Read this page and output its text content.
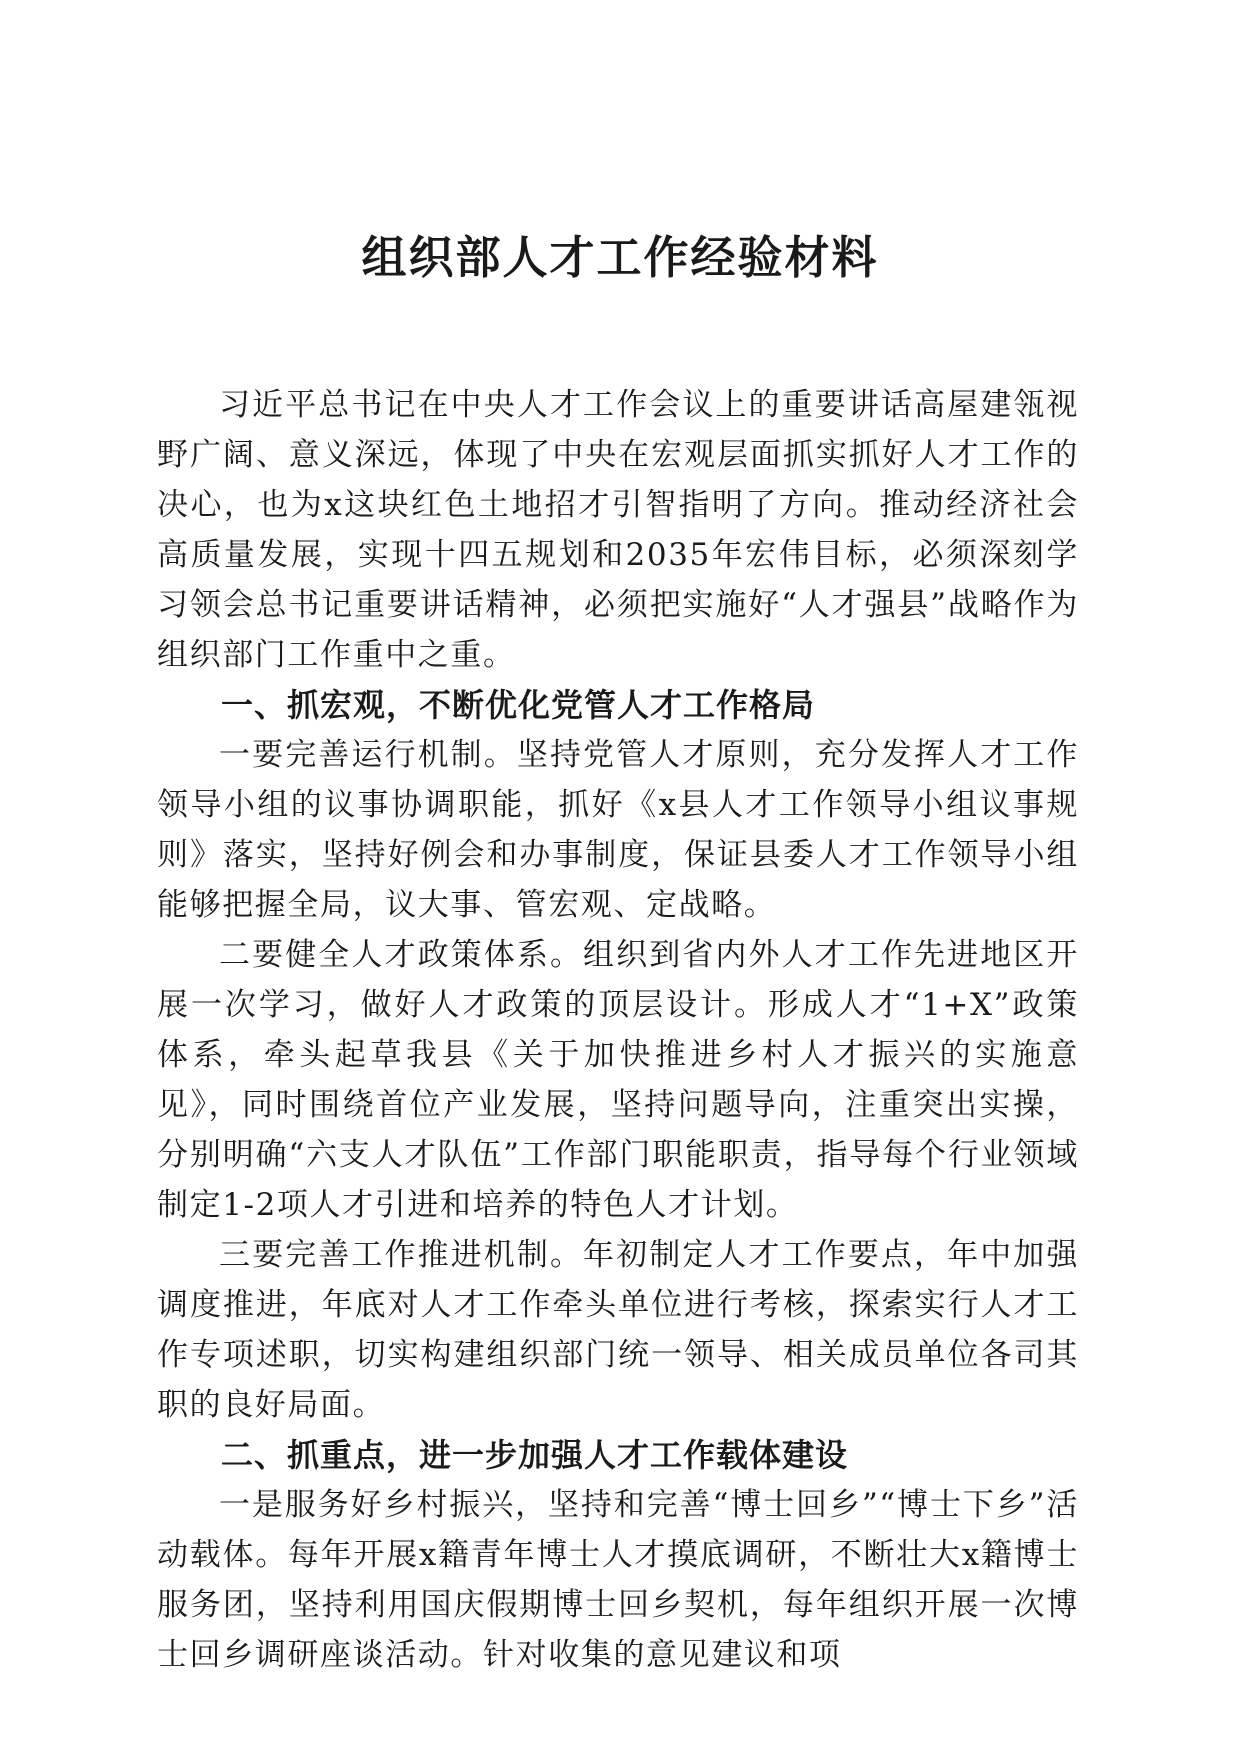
组织部人才工作经验材料

习近平总书记在中央人才工作会议上的重要讲话高屋建瓴视野广阔、意义深远，体现了中央在宏观层面抓实抓好人才工作的决心，也为x这块红色土地招才引智指明了方向。推动经济社会高质量发展，实现十四五规划和2035年宏伟目标，必须深刻学习领会总书记重要讲话精神，必须把实施好“人才强县”战略作为组织部门工作重中之重。

一、抓宏观，不断优化党管人才工作格局

一要完善运行机制。坚持党管人才原则，充分发挥人才工作领导小组的议事协调职能，抓好《x县人才工作领导小组议事规则》落实，坚持好例会和办事制度，保证县委人才工作领导小组能够把握全局，议大事、管宏观、定战略。

二要健全人才政策体系。组织到省内外人才工作先进地区开展一次学习，做好人才政策的顶层设计。形成人才“1+X”政策体系，牵头起草我县《关于加快推进乡村人才振兴的实施意见》，同时围绕首位产业发展，坚持问题导向，注重突出实操，分别明确“六支人才队伍”工作部门职能职责，指导每个行业领域制定1-2项人才引进和培养的特色人才计划。

三要完善工作推进机制。年初制定人才工作要点，年中加强调度推进，年底对人才工作牵头单位进行考核，探索实行人才工作专项述职，切实构建组织部门统一领导、相关成员单位各司其职的良好局面。

二、抓重点，进一步加强人才工作载体建设

一是服务好乡村振兴，坚持和完善“博士回乡”“博士下乡”活动载体。每年开展x籍青年博士人才摸底调研，不断壮大x籍博士服务团，坚持利用国庆假期博士回乡契机，每年组织开展一次博士回乡调研座谈活动。针对收集的意见建议和项
